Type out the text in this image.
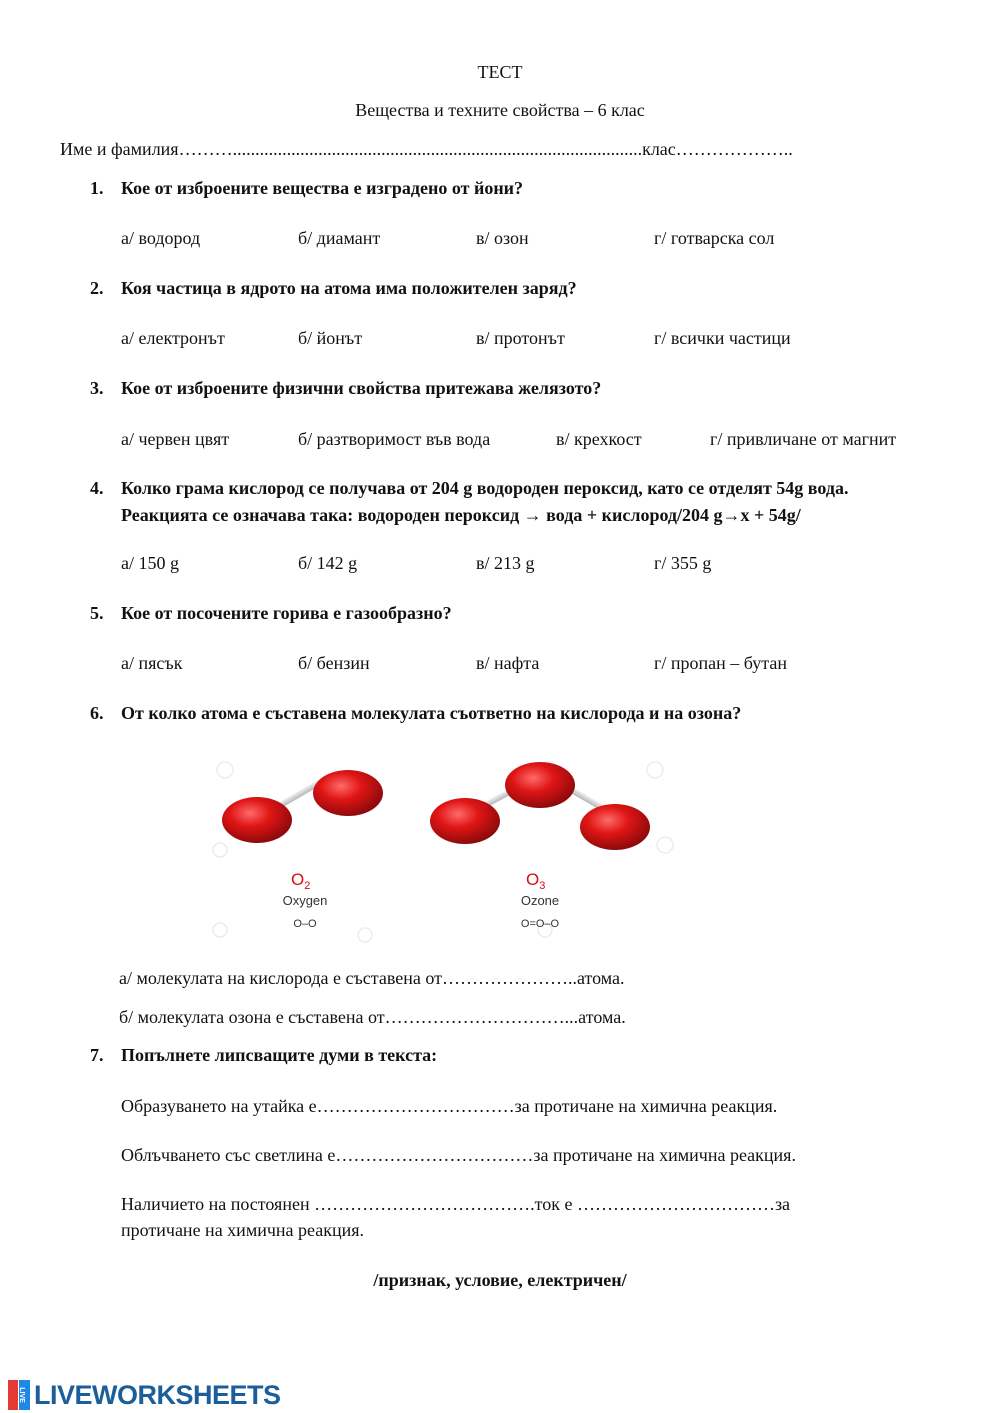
ТЕСТ
Вещества и техните свойства – 6 клас
Име и фамилия………...........................................................................................клас………………..
1. Кое от изброените вещества е изградено от йони?
а/ водород	б/ диамант	в/ озон	г/ готварска сол
2. Коя частица в ядрото на атома има положителен заряд?
а/ електронът	б/ йонът	в/ протонът	г/ всички частици
3. Кое от изброените физични свойства притежава желязото?
а/ червен цвят	б/ разтворимост във вода	в/ крехкост	г/ привличане от магнит
4. Колко грама кислород се получава от 204 g водороден пероксид, като се отделят 54g вода.
Реакцията се означава така: водороден пероксид → вода + кислород/204 g→х + 54g/
а/ 150 g	б/ 142 g	в/ 213 g	г/ 355 g
5. Кое от посочените горива е газообразно?
а/ пясък	б/ бензин	в/ нафта	г/ пропан – бутан
6. От колко атома е съставена молекулата съответно на кислорода и на озона?
$O_2$
Oxygen
O–O
$O_3$
Ozone
O=O–O
а/ молекулата на кислорода е съставена от…………………..атома.
б/ молекулата озона е съставена от…………………………...атома.
7. Попълнете липсващите думи в текста:
Образуването на утайка е……………………………за протичане на химична реакция.
Облъчването със светлина е……………………………за протичане на химична реакция.
Наличието на постоянен ……………………………….ток е ……………………………за
протичане на химична реакция.
/признак, условие, електричен/
LIVE LIVEWORKSHEETS
